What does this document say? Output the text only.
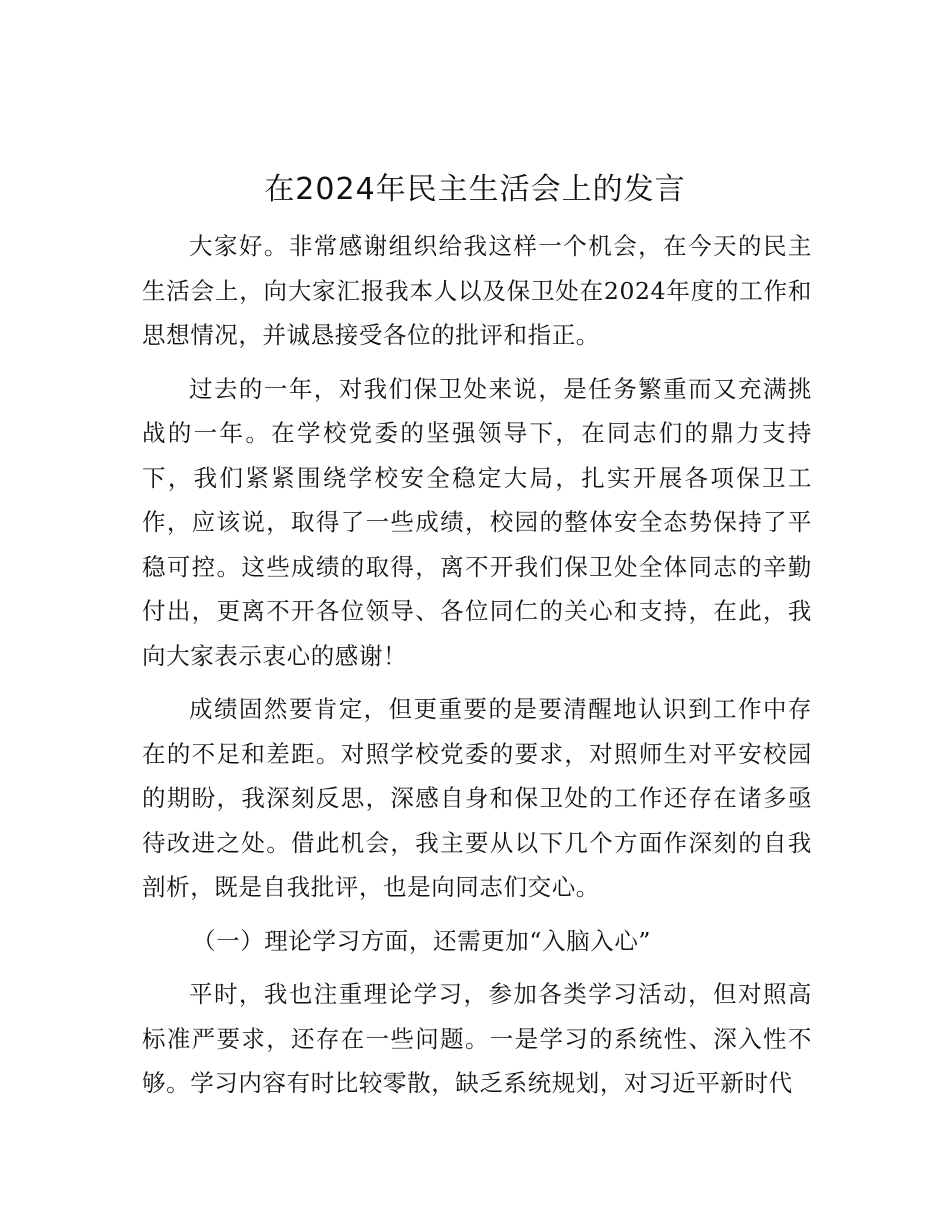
在2024年民主生活会上的发言

大家好。非常感谢组织给我这样一个机会，在今天的民主生活会上，向大家汇报我本人以及保卫处在2024年度的工作和思想情况，并诚恳接受各位的批评和指正。

过去的一年，对我们保卫处来说，是任务繁重而又充满挑战的一年。在学校党委的坚强领导下，在同志们的鼎力支持下，我们紧紧围绕学校安全稳定大局，扎实开展各项保卫工作，应该说，取得了一些成绩，校园的整体安全态势保持了平稳可控。这些成绩的取得，离不开我们保卫处全体同志的辛勤付出，更离不开各位领导、各位同仁的关心和支持，在此，我向大家表示衷心的感谢！

成绩固然要肯定，但更重要的是要清醒地认识到工作中存在的不足和差距。对照学校党委的要求，对照师生对平安校园的期盼，我深刻反思，深感自身和保卫处的工作还存在诸多亟待改进之处。借此机会，我主要从以下几个方面作深刻的自我剖析，既是自我批评，也是向同志们交心。

（一）理论学习方面，还需更加“入脑入心”

平时，我也注重理论学习，参加各类学习活动，但对照高标准严要求，还存在一些问题。一是学习的系统性、深入性不够。学习内容有时比较零散，缺乏系统规划，对习近平新时代
